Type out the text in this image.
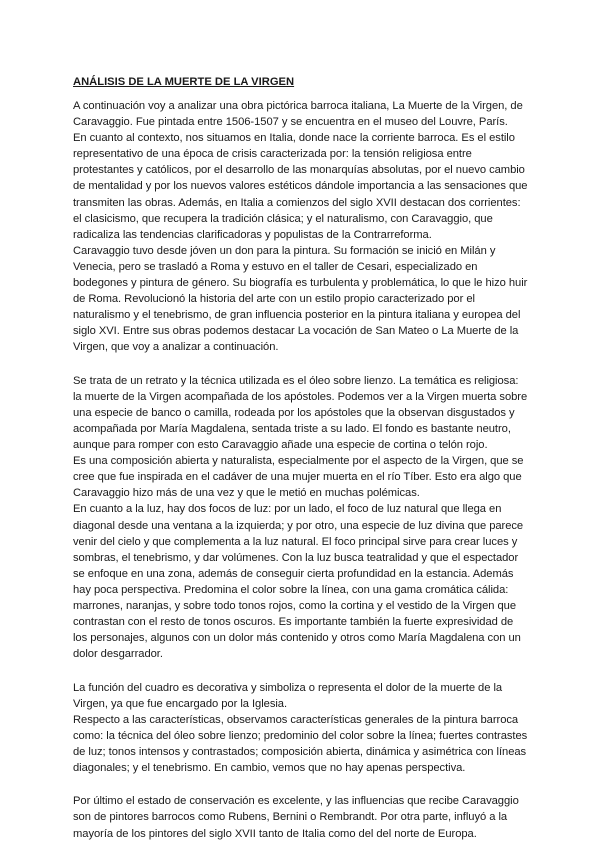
ANÁLISIS DE LA MUERTE DE LA VIRGEN
A continuación voy a analizar una obra pictórica barroca italiana, La Muerte de la Virgen, de
Caravaggio. Fue pintada entre 1506-1507 y se encuentra en el museo del Louvre, París.
En cuanto al contexto, nos situamos en Italia, donde nace la corriente barroca. Es el estilo
representativo de una época de crisis caracterizada por: la tensión religiosa entre
protestantes y católicos, por el desarrollo de las monarquías absolutas, por el nuevo cambio
de mentalidad y por los nuevos valores estéticos dándole importancia a las sensaciones que
transmiten las obras. Además, en Italia a comienzos del siglo XVII destacan dos corrientes:
el clasicismo, que recupera la tradición clásica; y el naturalismo, con Caravaggio, que
radicaliza las tendencias clarificadoras y populistas de la Contrarreforma.
Caravaggio tuvo desde jóven un don para la pintura. Su formación se inició en Milán y
Venecia, pero se trasladó a Roma y estuvo en el taller de Cesari, especializado en
bodegones y pintura de género. Su biografía es turbulenta y problemática, lo que le hizo huir
de Roma. Revolucionó la historia del arte con un estilo propio caracterizado por el
naturalismo y el tenebrismo, de gran influencia posterior en la pintura italiana y europea del
siglo XVI. Entre sus obras podemos destacar La vocación de San Mateo o La Muerte de la
Virgen, que voy a analizar a continuación.
Se trata de un retrato y la técnica utilizada es el óleo sobre lienzo. La temática es religiosa:
la muerte de la Virgen acompañada de los apóstoles. Podemos ver a la Virgen muerta sobre
una especie de banco o camilla, rodeada por los apóstoles que la observan disgustados y
acompañada por María Magdalena, sentada triste a su lado. El fondo es bastante neutro,
aunque para romper con esto Caravaggio añade una especie de cortina o telón rojo.
Es una composición abierta y naturalista, especialmente por el aspecto de la Virgen, que se
cree que fue inspirada en el cadáver de una mujer muerta en el río Tíber. Esto era algo que
Caravaggio hizo más de una vez y que le metió en muchas polémicas.
En cuanto a la luz, hay dos focos de luz: por un lado, el foco de luz natural que llega en
diagonal desde una ventana a la izquierda; y por otro, una especie de luz divina que parece
venir del cielo y que complementa a la luz natural. El foco principal sirve para crear luces y
sombras, el tenebrismo, y dar volúmenes. Con la luz busca teatralidad y que el espectador
se enfoque en una zona, además de conseguir cierta profundidad en la estancia. Además
hay poca perspectiva. Predomina el color sobre la línea, con una gama cromática cálida:
marrones, naranjas, y sobre todo tonos rojos, como la cortina y el vestido de la Virgen que
contrastan con el resto de tonos oscuros. Es importante también la fuerte expresividad de
los personajes, algunos con un dolor más contenido y otros como María Magdalena con un
dolor desgarrador.
La función del cuadro es decorativa y simboliza o representa el dolor de la muerte de la
Virgen, ya que fue encargado por la Iglesia.
Respecto a las características, observamos características generales de la pintura barroca
como: la técnica del óleo sobre lienzo; predominio del color sobre la línea; fuertes contrastes
de luz; tonos intensos y contrastados; composición abierta, dinámica y asimétrica con líneas
diagonales; y el tenebrismo. En cambio, vemos que no hay apenas perspectiva.
Por último el estado de conservación es excelente, y las influencias que recibe Caravaggio
son de pintores barrocos como Rubens, Bernini o Rembrandt. Por otra parte, influyó a la
mayoría de los pintores del siglo XVII tanto de Italia como del del norte de Europa.
